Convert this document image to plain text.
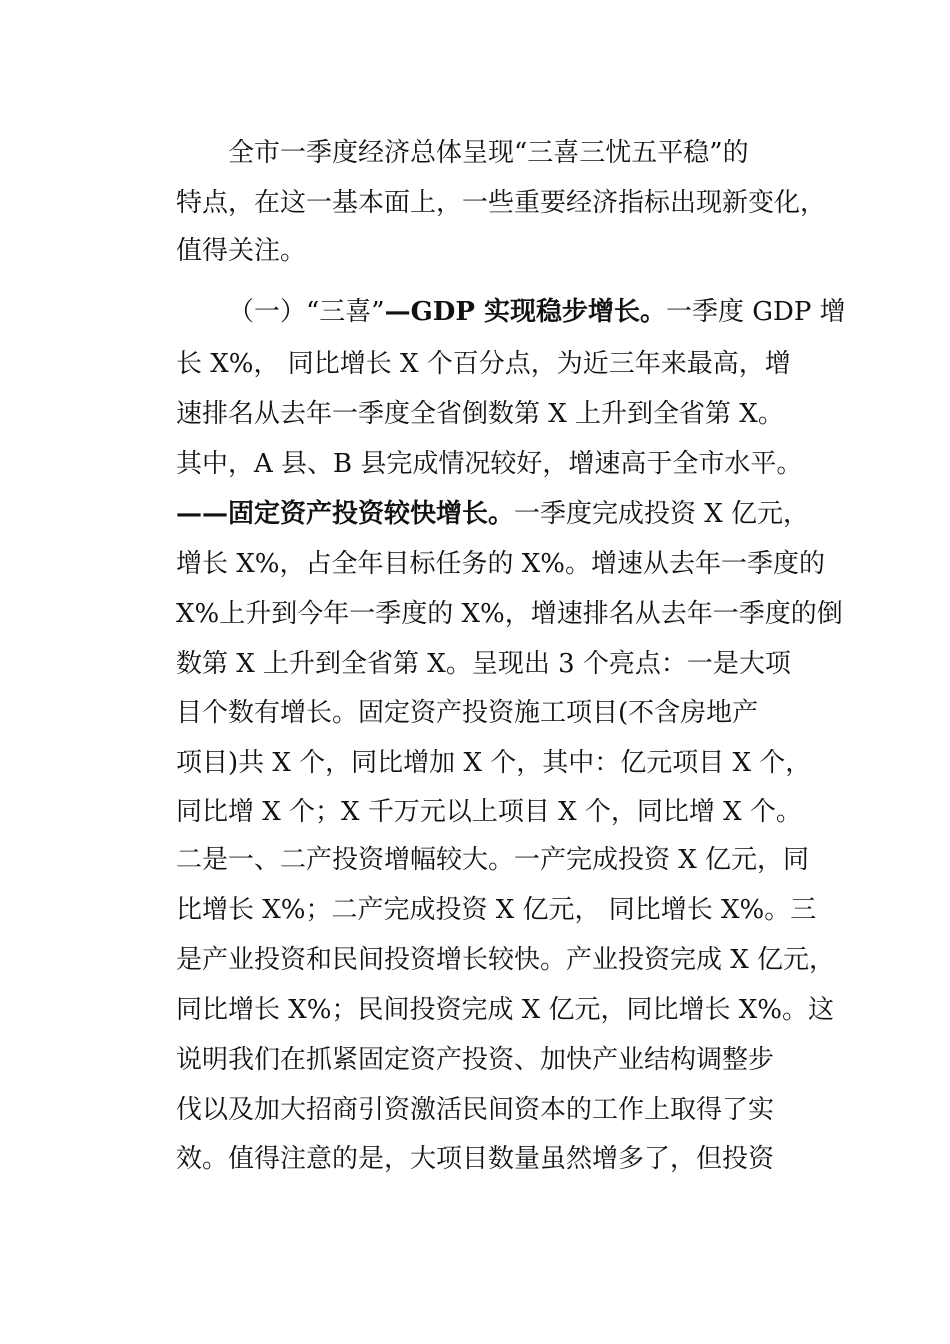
全市一季度经济总体呈现“三喜三忧五平稳”的
特点，在这一基本面上，一些重要经济指标出现新变化，
值得关注。
（一）“三喜”—GDP 实现稳步增长。一季度 GDP 增
长 X%， 同比增长 X 个百分点，为近三年来最高，增
速排名从去年一季度全省倒数第 X 上升到全省第 X。
其中，A 县、B 县完成情况较好，增速高于全市水平。
——固定资产投资较快增长。一季度完成投资 X 亿元，
增长 X%，占全年目标任务的 X%。增速从去年一季度的
X%上升到今年一季度的 X%，增速排名从去年一季度的倒
数第 X 上升到全省第 X。呈现出 3 个亮点：一是大项
目个数有增长。固定资产投资施工项目(不含房地产
项目)共 X 个，同比增加 X 个，其中：亿元项目 X 个，
同比增 X 个；X 千万元以上项目 X 个，同比增 X 个。
二是一、二产投资增幅较大。一产完成投资 X 亿元，同
比增长 X%；二产完成投资 X 亿元， 同比增长 X%。三
是产业投资和民间投资增长较快。产业投资完成 X 亿元，
同比增长 X%；民间投资完成 X 亿元，同比增长 X%。这
说明我们在抓紧固定资产投资、加快产业结构调整步
伐以及加大招商引资激活民间资本的工作上取得了实
效。值得注意的是，大项目数量虽然增多了，但投资
